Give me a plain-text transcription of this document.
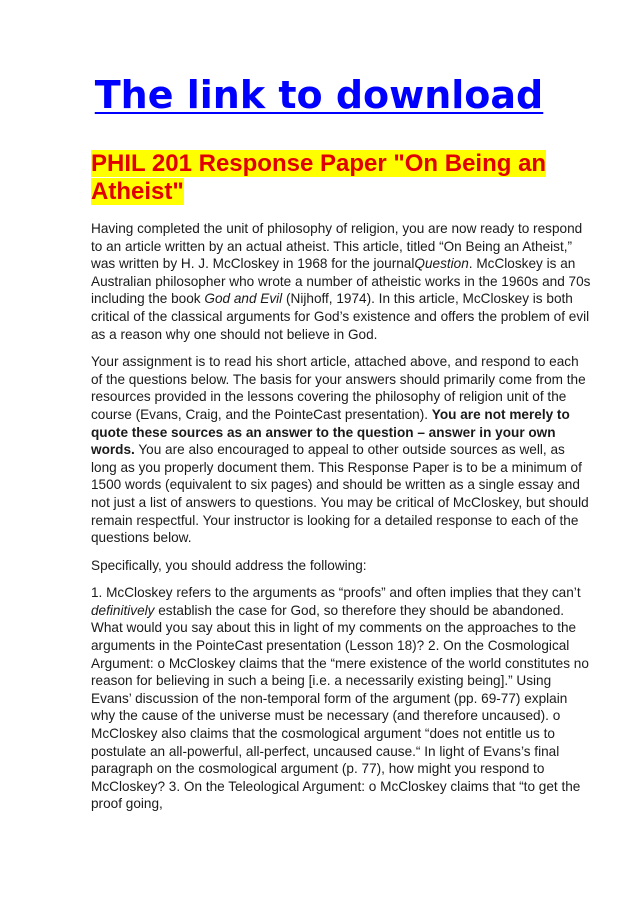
The link to download
PHIL 201 Response Paper "On Being an Atheist"

Having completed the unit of philosophy of religion, you are now ready to respond to an article written by an actual atheist. This article, titled “On Being an Atheist,” was written by H. J. McCloskey in 1968 for the journalQuestion. McCloskey is an Australian philosopher who wrote a number of atheistic works in the 1960s and 70s including the book God and Evil (Nijhoff, 1974). In this article, McCloskey is both critical of the classical arguments for God’s existence and offers the problem of evil as a reason why one should not believe in God.

Your assignment is to read his short article, attached above, and respond to each of the questions below. The basis for your answers should primarily come from the resources provided in the lessons covering the philosophy of religion unit of the course (Evans, Craig, and the PointeCast presentation). You are not merely to quote these sources as an answer to the question – answer in your own words. You are also encouraged to appeal to other outside sources as well, as long as you properly document them. This Response Paper is to be a minimum of 1500 words (equivalent to six pages) and should be written as a single essay and not just a list of answers to questions. You may be critical of McCloskey, but should remain respectful. Your instructor is looking for a detailed response to each of the questions below.

Specifically, you should address the following:

1. McCloskey refers to the arguments as “proofs” and often implies that they can’t definitively establish the case for God, so therefore they should be abandoned. What would you say about this in light of my comments on the approaches to the arguments in the PointeCast presentation (Lesson 18)? 2. On the Cosmological Argument: o McCloskey claims that the “mere existence of the world constitutes no reason for believing in such a being [i.e. a necessarily existing being].” Using Evans’ discussion of the non-temporal form of the argument (pp. 69-77) explain why the cause of the universe must be necessary (and therefore uncaused). o McCloskey also claims that the cosmological argument “does not entitle us to postulate an all-powerful, all-perfect, uncaused cause.“ In light of Evans’s final paragraph on the cosmological argument (p. 77), how might you respond to McCloskey? 3. On the Teleological Argument: o McCloskey claims that “to get the proof going,
